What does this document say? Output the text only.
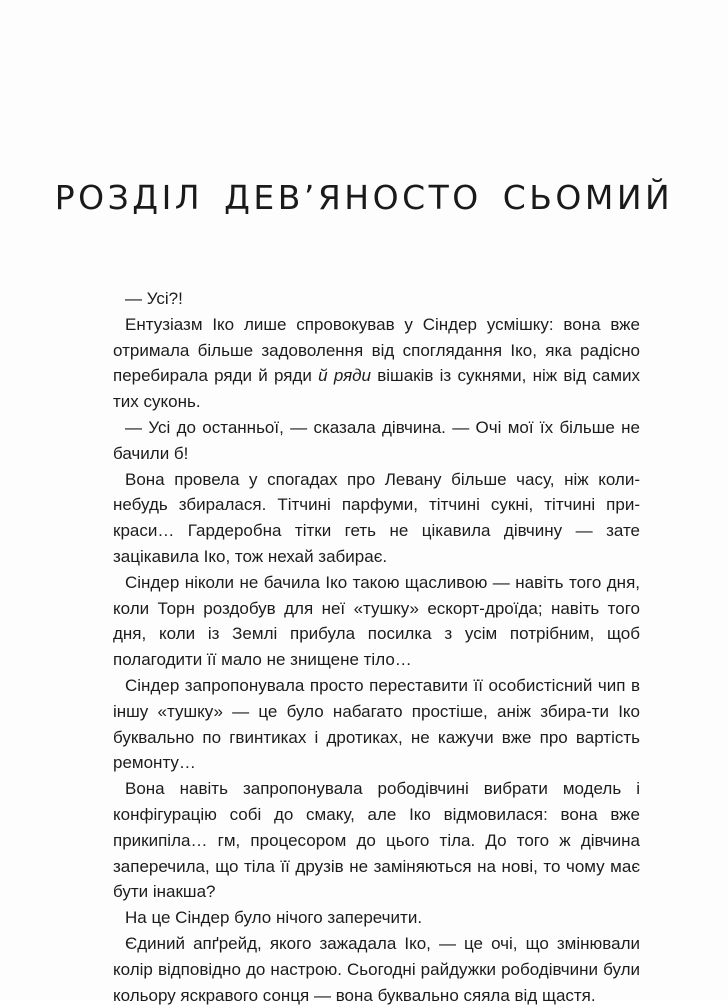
РОЗДІЛ ДЕВ’ЯНОСТО СЬОМИЙ

— Усі?!

Ентузіазм Іко лише спровокував у Сіндер усмішку: вона вже отримала більше задоволення від споглядання Іко, яка радісно перебирала ряди й ряди й ряди вішаків із сукнями, ніж від самих тих суконь.

— Усі до останньої, — сказала дівчина. — Очі мої їх більше не бачили б!

Вона провела у спогадах про Левану більше часу, ніж коли-небудь збиралася. Тітчині парфуми, тітчині сукні, тітчині при-краси… Гардеробна тітки геть не цікавила дівчину — зате зацікавила Іко, тож нехай забирає.

Сіндер ніколи не бачила Іко такою щасливою — навіть того дня, коли Торн роздобув для неї «тушку» ескорт-дроїда; навіть того дня, коли із Землі прибула посилка з усім потрібним, щоб полагодити її мало не знищене тіло…

Сіндер запропонувала просто переставити її особистісний чип в іншу «тушку» — це було набагато простіше, аніж збира-ти Іко буквально по гвинтиках і дротиках, не кажучи вже про вартість ремонту…

Вона навіть запропонувала рободівчині вибрати модель і конфігурацію собі до смаку, але Іко відмовилася: вона вже прикипіла… гм, процесором до цього тіла. До того ж дівчина заперечила, що тіла її друзів не заміняються на нові, то чому має бути інакша?

На це Сіндер було нічого заперечити.

Єдиний апґрейд, якого зажадала Іко, — це очі, що змінювали колір відповідно до настрою. Сьогодні райдужки рободівчини були кольору яскравого сонця — вона буквально сяяла від щастя.
